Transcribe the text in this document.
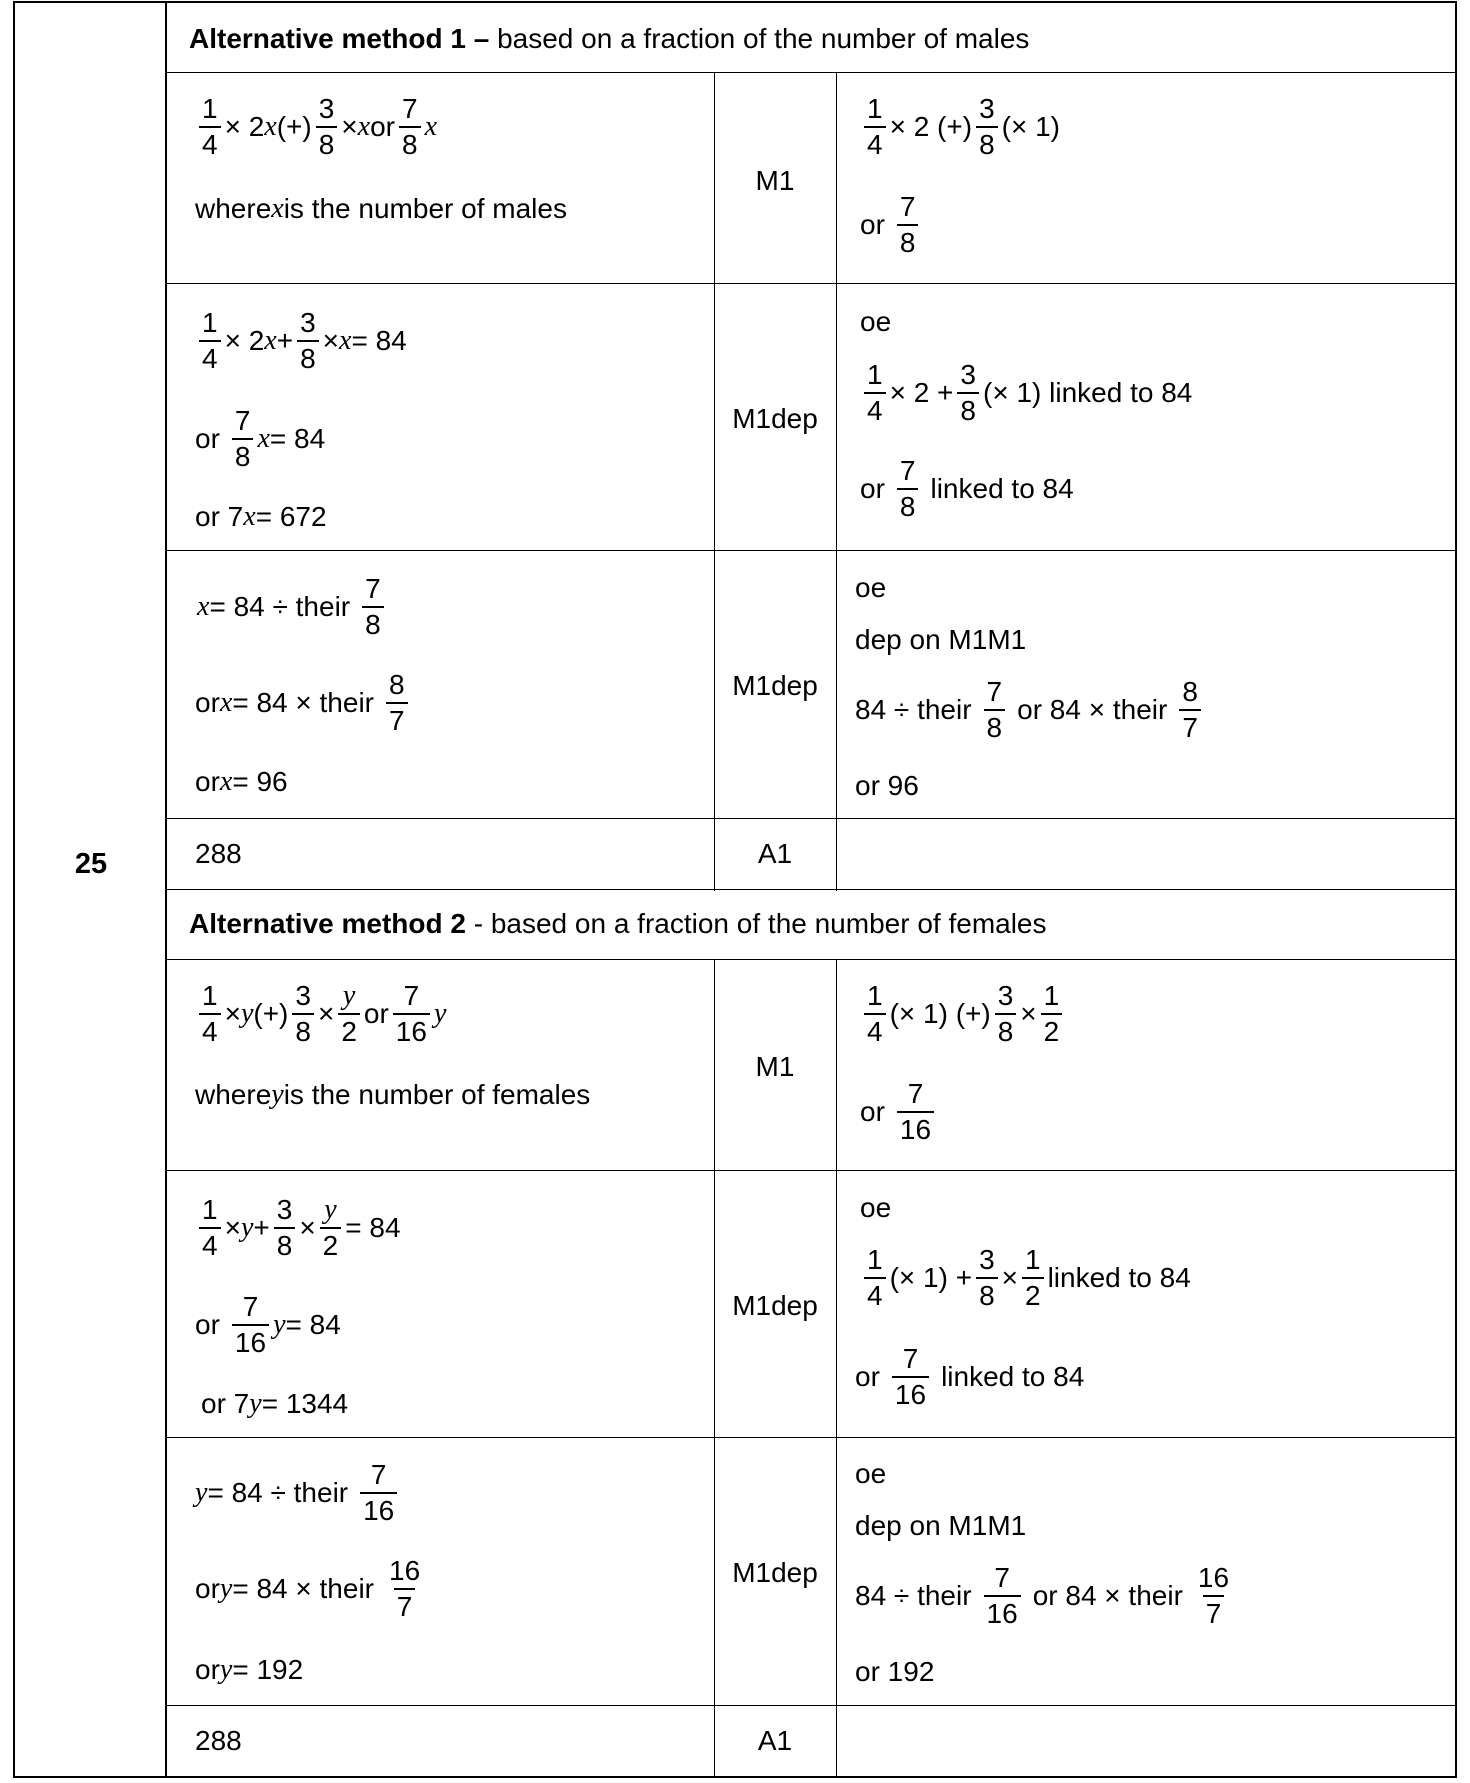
25
Alternative method 1 – based on a fraction of the number of males
$\frac{1}{4} \times 2$ x (+) $\frac{3}{8} \times x$ or $\frac{7}{8}$ x
where x is the number of males
M1
$\frac{1}{4} \times 2$ (+) $\frac{3}{8}$ (× 1)
or $\frac{7}{8}$
$\frac{1}{4} \times 2$ $x + \frac{3}{8} \times x = 84$
or $\frac{7}{8}$ x = 84
or 7 x = 672
M1dep
oe
$\frac{1}{4} \times 2 + \frac{3}{8}$ (× 1) linked to 84
or $\frac{7}{8}$ linked to 84
x = 84 ÷ their $\frac{7}{8}$
or x = 84 × their $\frac{8}{7}$
or x = 96
M1dep
oe
dep on M1M1
84 ÷ their $\frac{7}{8}$ or 84 × their $\frac{8}{7}$
or 96
288	A1
Alternative method 2 - based on a fraction of the number of females
$\frac{1}{4} \times y$ (+) $\frac{3}{8} \times \frac{y}{2}$ or $\frac{7}{16}$ y
where y is the number of females
M1
$\frac{1}{4}$ (× 1) (+) $\frac{3}{8} \times \frac{1}{2}$
or $\frac{7}{16}$
$\frac{1}{4} \times y + \frac{3}{8} \times \frac{y}{2} = 84$
or $\frac{7}{16}$ y = 84
or 7 y = 1344
M1dep
oe
$\frac{1}{4}$ (× $1) + \frac{3}{8} \times \frac{1}{2}$ linked to 84
or $\frac{7}{16}$ linked to 84
y = 84 ÷ their $\frac{7}{16}$
or y = 84 × their $\frac{16}{7}$
or y = 192
M1dep
oe
dep on M1M1
84 ÷ their $\frac{7}{16}$ or 84 × their $\frac{16}{7}$
or 192
288	A1
